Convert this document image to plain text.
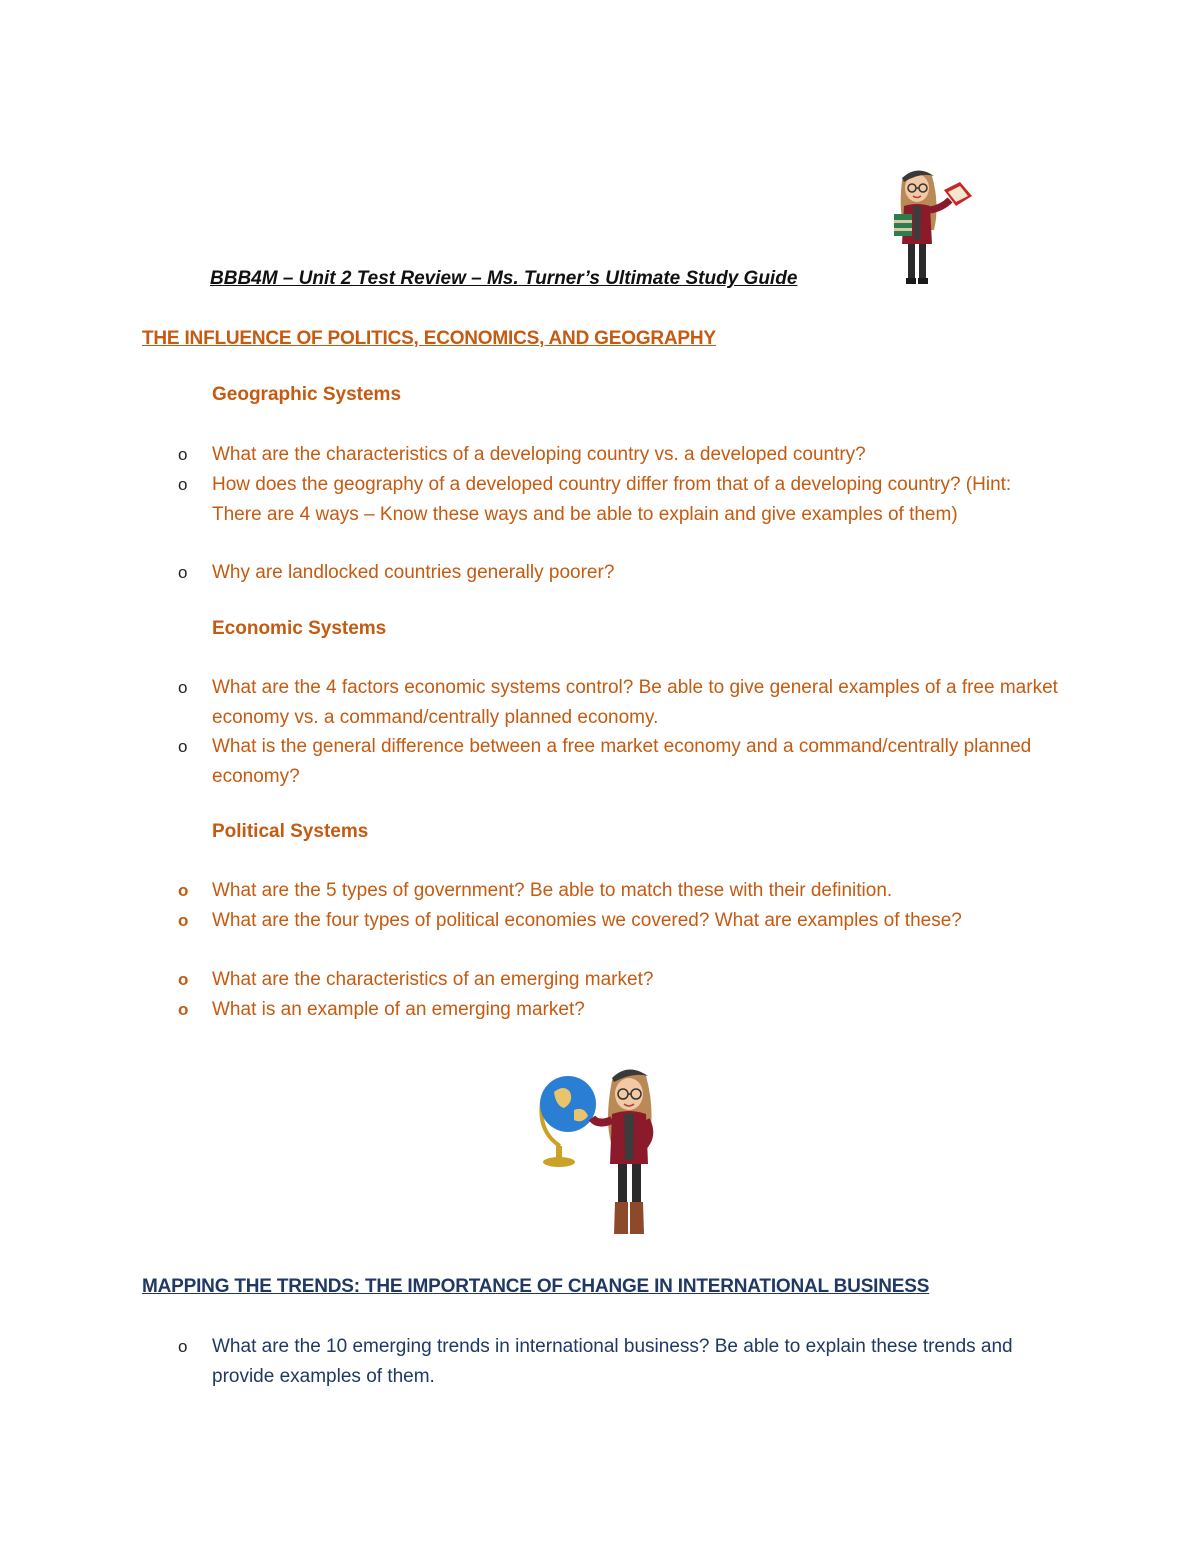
BBB4M – Unit 2 Test Review – Ms. Turner’s Ultimate Study Guide
THE INFLUENCE OF POLITICS, ECONOMICS, AND GEOGRAPHY
Geographic Systems
o	What are the characteristics of a developing country vs. a developed country?
o	How does the geography of a developed country differ from that of a developing country? (Hint: There are 4 ways – Know these ways and be able to explain and give examples of them)
o	Why are landlocked countries generally poorer?
Economic Systems
o	What are the 4 factors economic systems control? Be able to give general examples of a free market economy vs. a command/centrally planned economy.
o	What is the general difference between a free market economy and a command/centrally planned economy?
Political Systems
o	What are the 5 types of government? Be able to match these with their definition.
o	What are the four types of political economies we covered? What are examples of these?
o	What are the characteristics of an emerging market?
o	What is an example of an emerging market?
MAPPING THE TRENDS: THE IMPORTANCE OF CHANGE IN INTERNATIONAL BUSINESS
o	What are the 10 emerging trends in international business? Be able to explain these trends and provide examples of them.
